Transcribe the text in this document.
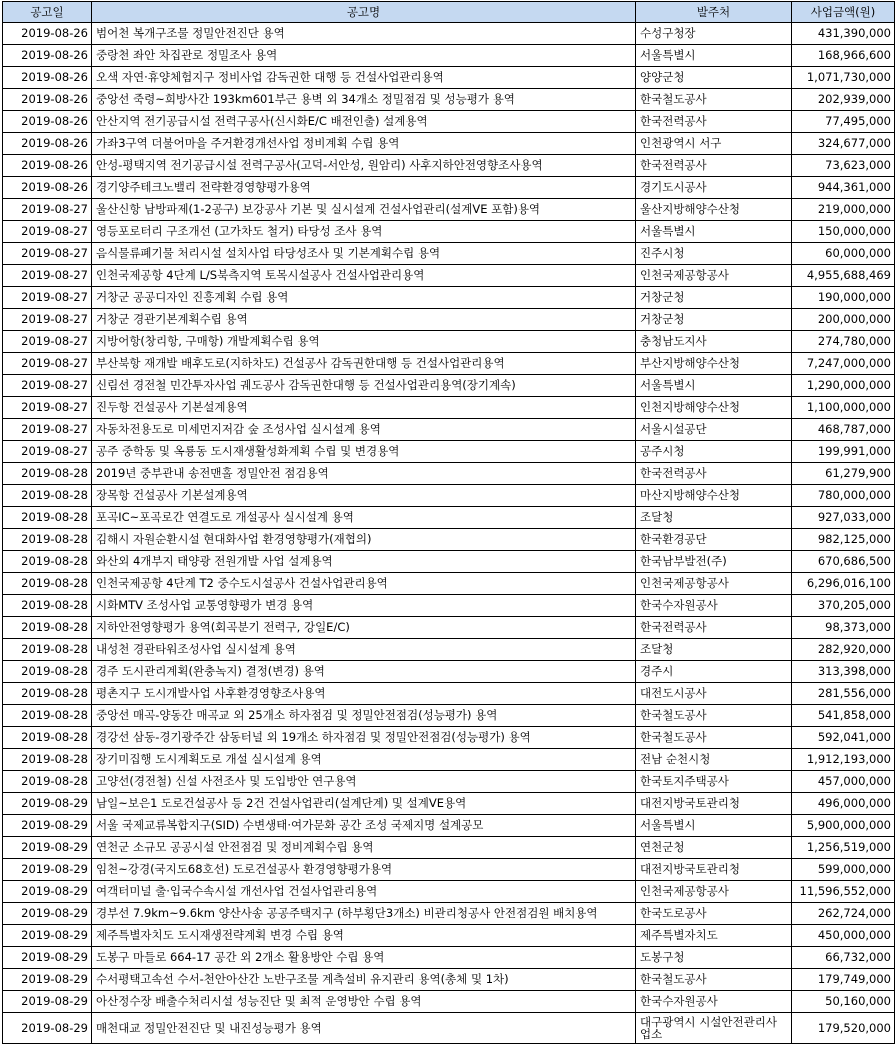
공고일	공고명	발주처	사업금액(원)
2019-08-26	범어천 복개구조물 정밀안전진단 용역	수성구청장	431,390,000
2019-08-26	중랑천 좌안 차집관로 정밀조사 용역	서울특별시	168,966,600
2019-08-26	오색 자연·휴양체험지구 정비사업 감독권한 대행 등 건설사업관리용역	양양군청	1,071,730,000
2019-08-26	중앙선 죽령~희방사간 193km601부근 용벽 외 34개소 정밀점검 및 성능평가 용역	한국철도공사	202,939,000
2019-08-26	안산지역 전기공급시설 전력구공사(신시화E/C 배전인출) 설계용역	한국전력공사	77,495,000
2019-08-26	가좌3구역 더불어마을 주거환경개선사업 정비계획 수립 용역	인천광역시 서구	324,677,000
2019-08-26	안성-평택지역 전기공급시설 전력구공사(고덕-서안성, 원암리) 사후지하안전영향조사용역	한국전력공사	73,623,000
2019-08-26	경기양주테크노밸리 전략환경영향평가용역	경기도시공사	944,361,000
2019-08-27	울산신항 남방파제(1-2공구) 보강공사 기본 및 실시설계 건설사업관리(설계VE 포함)용역	울산지방해양수산청	219,000,000
2019-08-27	영등포로터리 구조개선 (고가차도 철거) 타당성 조사 용역	서울특별시	150,000,000
2019-08-27	음식물류폐기물 처리시설 설치사업 타당성조사 및 기본계획수립 용역	진주시청	60,000,000
2019-08-27	인천국제공항 4단계 L/S북측지역 토목시설공사 건설사업관리용역	인천국제공항공사	4,955,688,469
2019-08-27	거창군 공공디자인 진흥계획 수립 용역	거창군청	190,000,000
2019-08-27	거창군 경관기본계획수립 용역	거창군청	200,000,000
2019-08-27	지방어항(창리항, 구매항) 개발계획수립 용역	충청남도지사	274,780,000
2019-08-27	부산북항 재개발 배후도로(지하차도) 건설공사 감독권한대행 등 건설사업관리용역	부산지방해양수산청	7,247,000,000
2019-08-27	신림선 경전철 민간투자사업 궤도공사 감독권한대행 등 건설사업관리용역(장기계속)	서울특별시	1,290,000,000
2019-08-27	진두항 건설공사 기본설계용역	인천지방해양수산청	1,100,000,000
2019-08-27	자동차전용도로 미세먼지저감 숲 조성사업 실시설계 용역	서울시설공단	468,787,000
2019-08-27	공주 중학동 및 옥룡동 도시재생활성화계획 수립 및 변경용역	공주시청	199,991,000
2019-08-28	2019년 중부관내 송전맨홀 정밀안전 점검용역	한국전력공사	61,279,900
2019-08-28	장목항 건설공사 기본설계용역	마산지방해양수산청	780,000,000
2019-08-28	포곡IC~포곡로간 연결도로 개설공사 실시설계 용역	조달청	927,033,000
2019-08-28	김해시 자원순환시설 현대화사업 환경영향평가(재협의)	한국환경공단	982,125,000
2019-08-28	와산외 4개부지 태양광 전원개발 사업 설계용역	한국남부발전(주)	670,686,500
2019-08-28	인천국제공항 4단계 T2 중수도시설공사 건설사업관리용역	인천국제공항공사	6,296,016,100
2019-08-28	시화MTV 조성사업 교통영향평가 변경 용역	한국수자원공사	370,205,000
2019-08-28	지하안전영향평가 용역(회곡분기 전력구, 강일E/C)	한국전력공사	98,373,000
2019-08-28	내성천 경관타워조성사업 실시설계 용역	조달청	282,920,000
2019-08-28	경주 도시관리계획(완충녹지) 결정(변경) 용역	경주시	313,398,000
2019-08-28	평촌지구 도시개발사업 사후환경영향조사용역	대전도시공사	281,556,000
2019-08-28	중앙선 매곡-양동간 매곡교 외 25개소 하자점검 및 정밀안전점검(성능평가) 용역	한국철도공사	541,858,000
2019-08-28	경강선 삼동-경기광주간 삼동터널 외 19개소 하자점검 및 정밀안전점검(성능평가) 용역	한국철도공사	592,041,000
2019-08-28	장기미집행 도시계획도로 개설 실시설계 용역	전남 순천시청	1,912,193,000
2019-08-28	고양선(경전철) 신설 사전조사 및 도입방안 연구용역	한국토지주택공사	457,000,000
2019-08-29	남일~보은1 도로건설공사 등 2건 건설사업관리(설계단계) 및 설계VE용역	대전지방국토관리청	496,000,000
2019-08-29	서울 국제교류복합지구(SID) 수변생태·여가문화 공간 조성 국제지명 설계공모	서울특별시	5,900,000,000
2019-08-29	연천군 소규모 공공시설 안전점검 및 정비계획수립 용역	연천군청	1,256,519,000
2019-08-29	임천~강경(국지도68호선) 도로건설공사 환경영향평가용역	대전지방국토관리청	599,000,000
2019-08-29	여객터미널 출·입국수속시설 개선사업 건설사업관리용역	인천국제공항공사	11,596,552,000
2019-08-29	경부선 7.9km~9.6km 양산사송 공공주택지구 (하부횡단3개소) 비관리청공사 안전점검원 배치용역	한국도로공사	262,724,000
2019-08-29	제주특별자치도 도시재생전략계획 변경 수립 용역	제주특별자치도	450,000,000
2019-08-29	도봉구 마들로 664-17 공간 외 2개소 활용방안 수립 용역	도봉구청	66,732,000
2019-08-29	수서평택고속선 수서-천안아산간 노반구조물 계측설비 유지관리 용역(총체 및 1차)	한국철도공사	179,749,000
2019-08-29	아산정수장 배출수처리시설 성능진단 및 최적 운영방안 수립 용역	한국수자원공사	50,160,000
2019-08-29	매천대교 정밀안전진단 및 내진성능평가 용역	대구광역시 시설안전관리사업소	179,520,000
